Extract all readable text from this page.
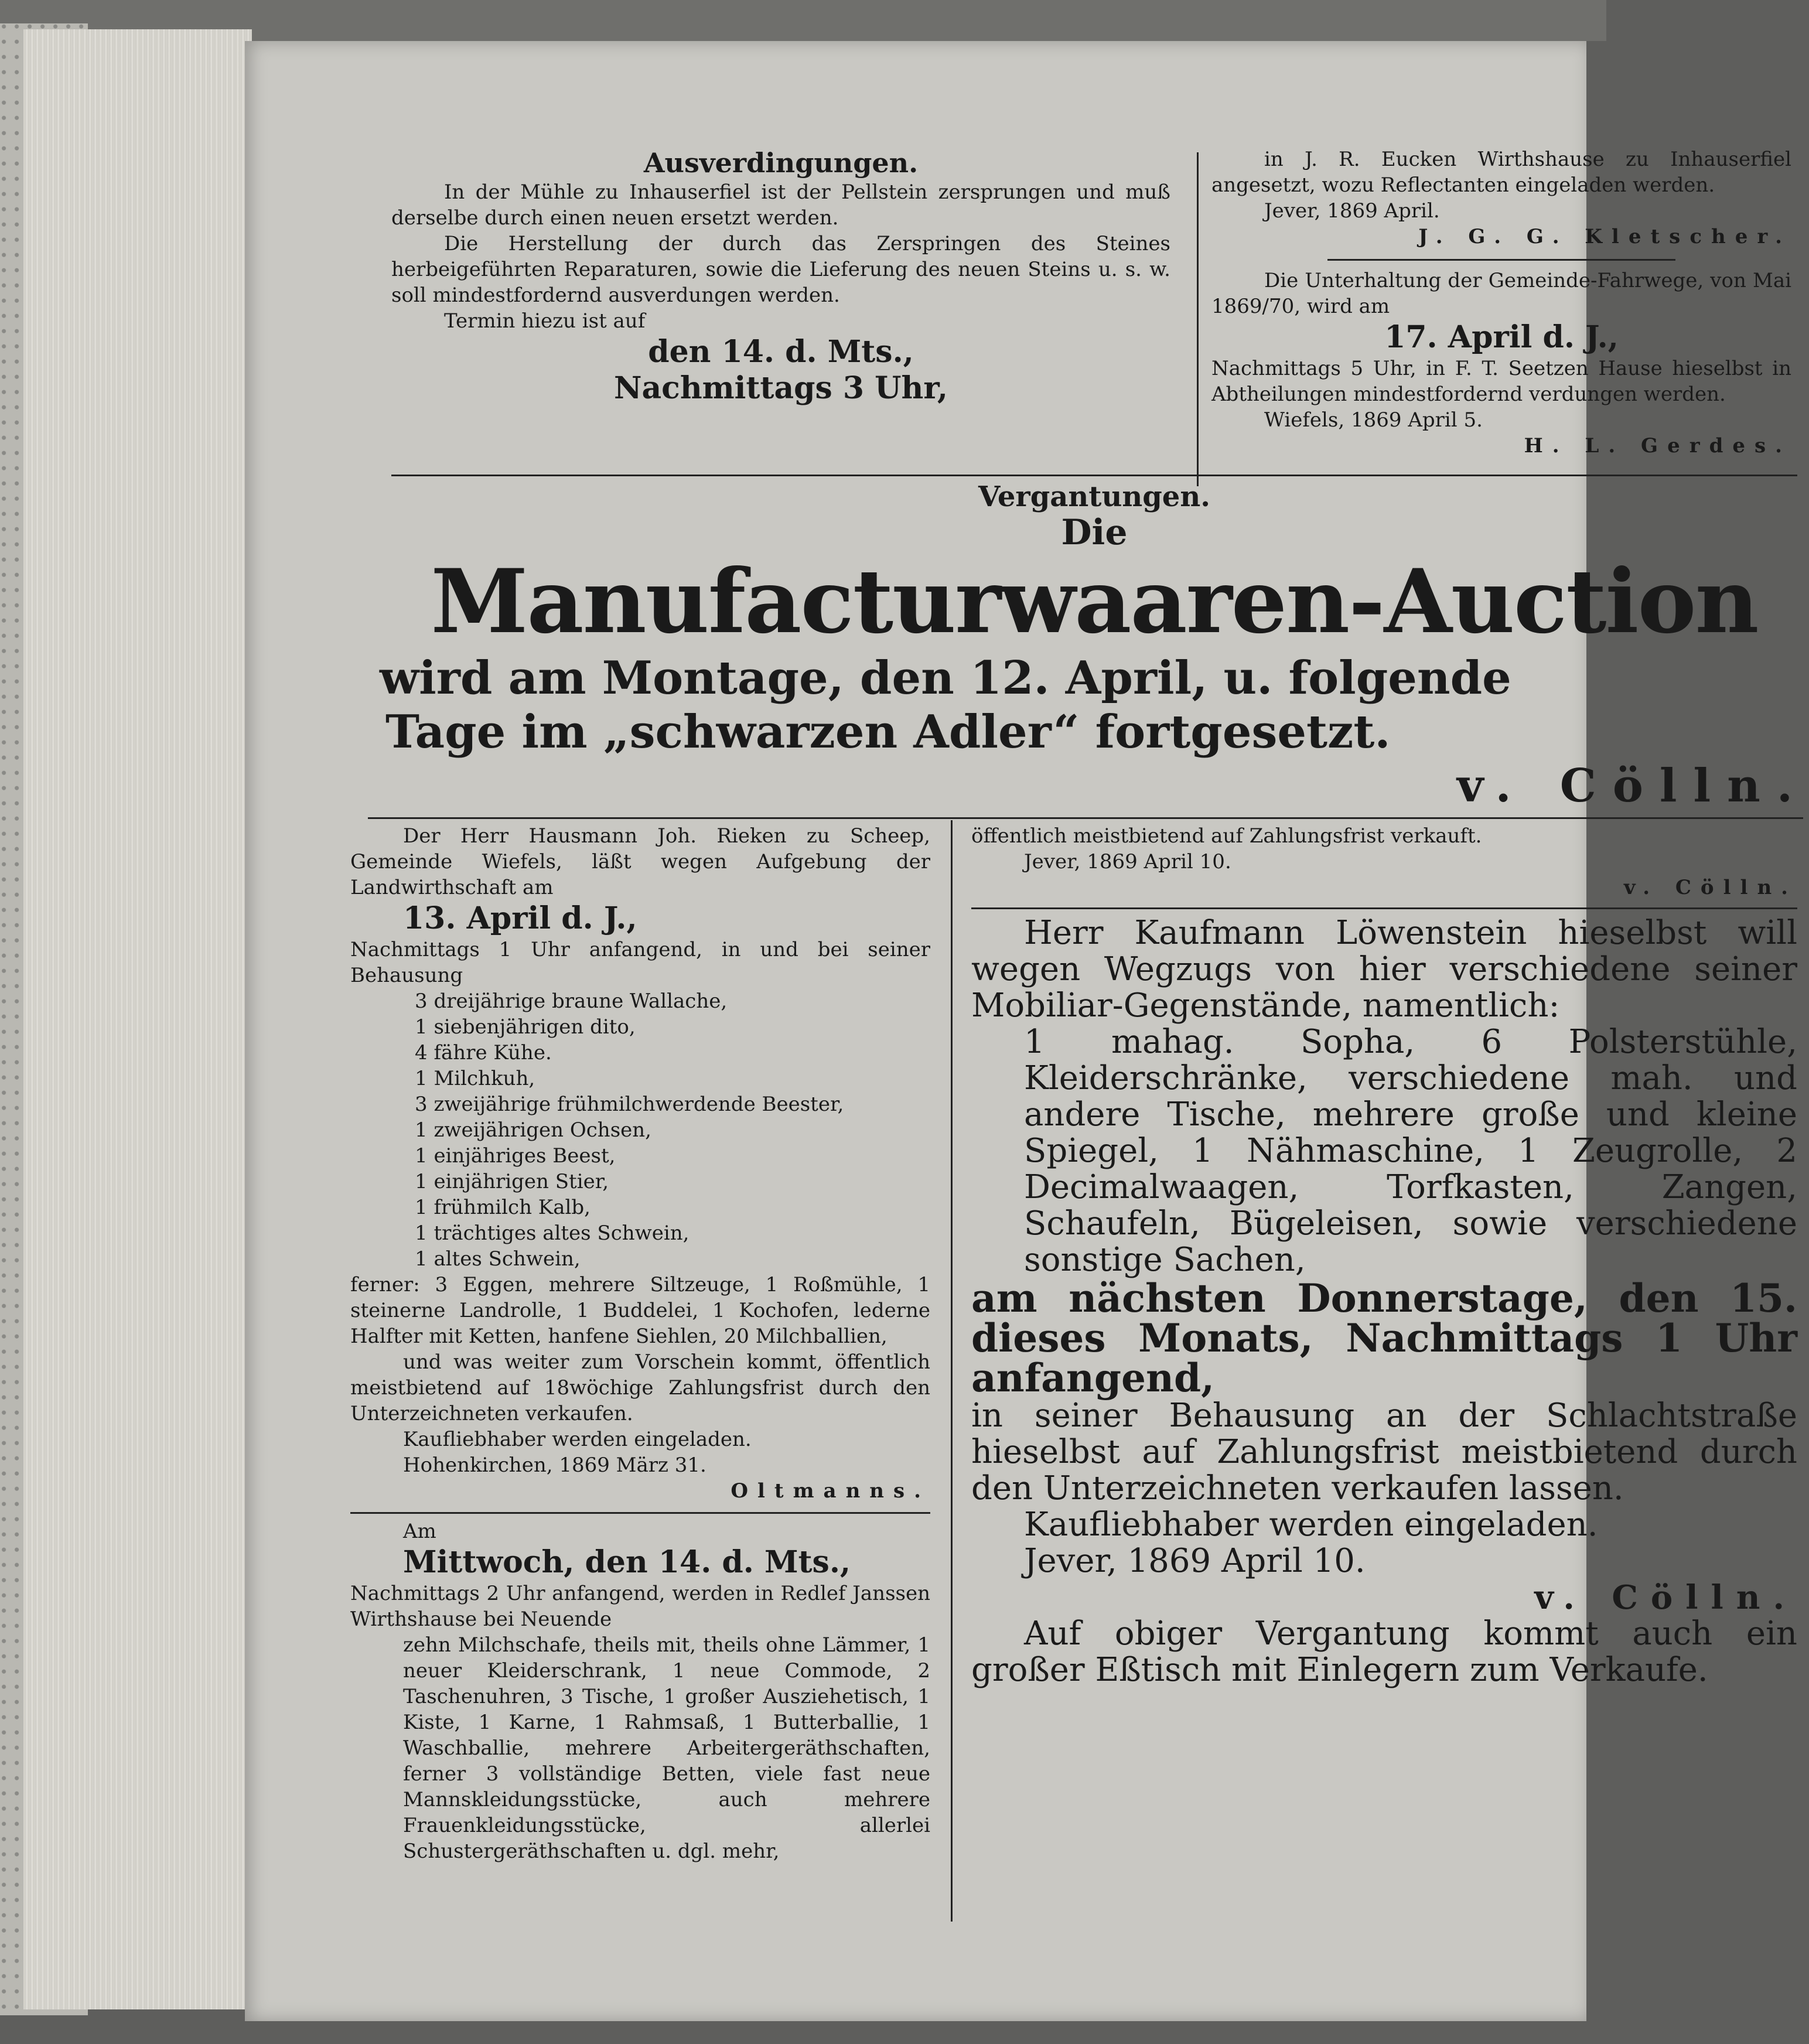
Ausverdingungen.
In der Mühle zu Inhauserfiel ist der Pellstein zersprungen und muß derselbe durch einen neuen ersetzt werden.
Die Herstellung der durch das Zerspringen des Steines herbeigeführten Reparaturen, sowie die Lieferung des neuen Steins u. s. w. soll mindestfordernd ausverdungen werden.
Termin hiezu ist auf
den 14. d. Mts.,
Nachmittags 3 Uhr,
in J. R. Eucken Wirthshause zu Inhauserfiel angesetzt, wozu Reflectanten eingeladen werden.
Jever, 1869 April.
J. G. G. Kletscher.
Die Unterhaltung der Gemeinde-Fahrwege, von Mai 1869/70, wird am
17. April d. J.,
Nachmittags 5 Uhr, in F. T. Seetzen Hause hieselbst in Abtheilungen mindestfordernd verdungen werden.
Wiefels, 1869 April 5.
H. L. Gerdes.
Vergantungen.
Die
Manufacturwaaren-Auction
wird am Montage, den 12. April, u. folgende
Tage im „schwarzen Adler“ fortgesetzt.
v. Cölln.
Der Herr Hausmann Joh. Rieken zu Scheep, Gemeinde Wiefels, läßt wegen Aufgebung der Landwirthschaft am
13. April d. J.,
Nachmittags 1 Uhr anfangend, in und bei seiner Behausung
3 dreijährige braune Wallache,
1 siebenjährigen dito,
4 fähre Kühe.
1 Milchkuh,
3 zweijährige frühmilchwerdende Beester,
1 zweijährigen Ochsen,
1 einjähriges Beest,
1 einjährigen Stier,
1 frühmilch Kalb,
1 trächtiges altes Schwein,
1 altes Schwein,
ferner: 3 Eggen, mehrere Siltzeuge, 1 Roßmühle, 1 steinerne Landrolle, 1 Buddelei, 1 Kochofen, lederne Halfter mit Ketten, hanfene Siehlen, 20 Milchballien,
und was weiter zum Vorschein kommt, öffentlich meistbietend auf 18wöchige Zahlungsfrist durch den Unterzeichneten verkaufen.
Kaufliebhaber werden eingeladen.
Hohenkirchen, 1869 März 31.
Oltmanns.
Am
Mittwoch, den 14. d. Mts.,
Nachmittags 2 Uhr anfangend, werden in Redlef Janssen Wirthshause bei Neuende
zehn Milchschafe, theils mit, theils ohne Lämmer, 1 neuer Kleiderschrank, 1 neue Commode, 2 Taschenuhren, 3 Tische, 1 großer Ausziehetisch, 1 Kiste, 1 Karne, 1 Rahmsaß, 1 Butterballie, 1 Waschballie, mehrere Arbeitergeräthschaften, ferner 3 vollständige Betten, viele fast neue Mannskleidungsstücke, auch mehrere Frauenkleidungsstücke, allerlei Schustergeräthschaften u. dgl. mehr,
öffentlich meistbietend auf Zahlungsfrist verkauft.
Jever, 1869 April 10.
v. Cölln.
Herr Kaufmann Löwenstein hieselbst will wegen Wegzugs von hier verschiedene seiner Mobiliar-Gegenstände, namentlich:
1 mahag. Sopha, 6 Polsterstühle, Kleiderschränke, verschiedene mah. und andere Tische, mehrere große und kleine Spiegel, 1 Nähmaschine, 1 Zeugrolle, 2 Decimalwaagen, Torfkasten, Zangen, Schaufeln, Bügeleisen, sowie verschiedene sonstige Sachen,
am nächsten Donnerstage, den 15. dieses Monats, Nachmittags 1 Uhr anfangend,
in seiner Behausung an der Schlachtstraße hieselbst auf Zahlungsfrist meistbietend durch den Unterzeichneten verkaufen lassen.
Kaufliebhaber werden eingeladen.
Jever, 1869 April 10.
v. Cölln.
Auf obiger Vergantung kommt auch ein großer Eßtisch mit Einlegern zum Verkaufe.
